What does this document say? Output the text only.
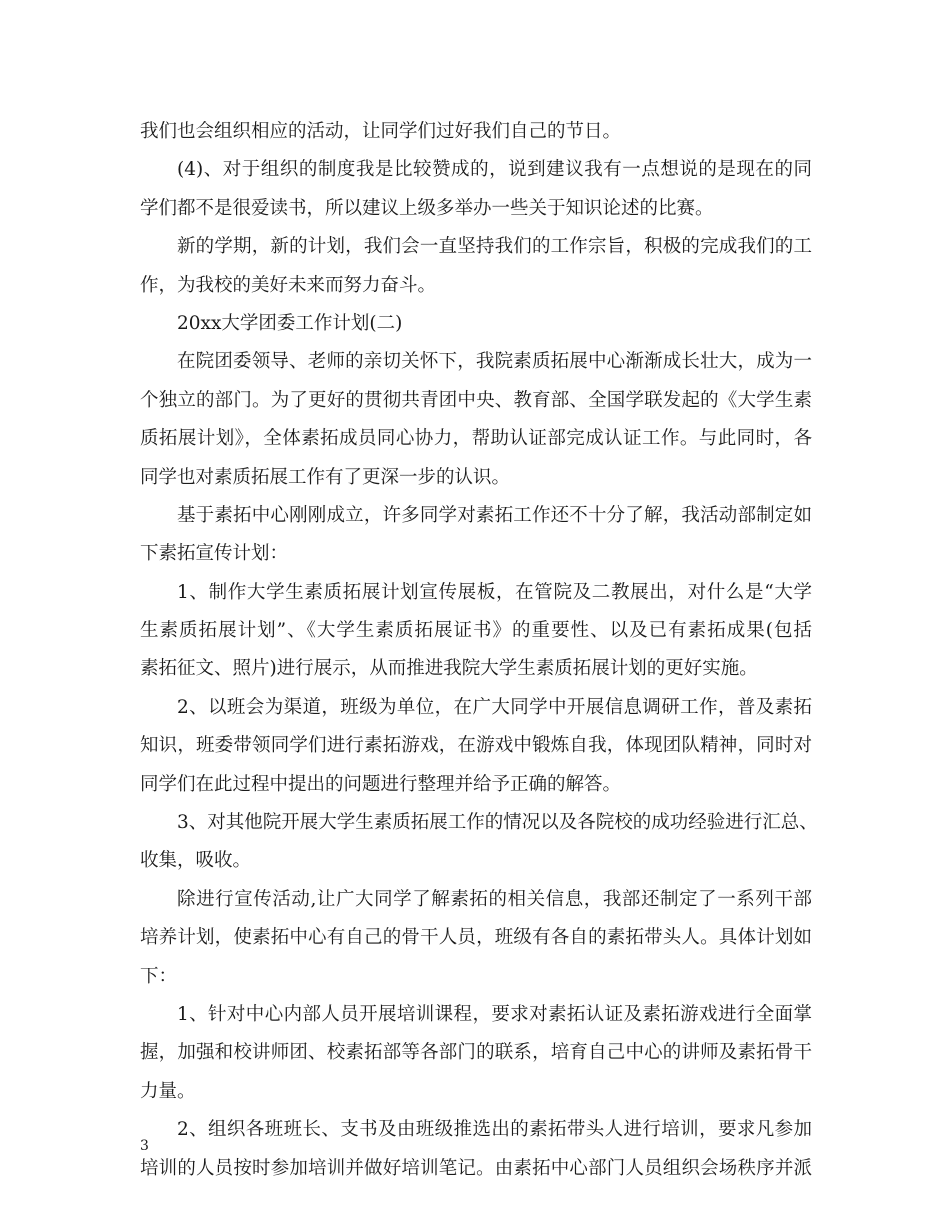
我们也会组织相应的活动，让同学们过好我们自己的节日。
(4)、对于组织的制度我是比较赞成的，说到建议我有一点想说的是现在的同
学们都不是很爱读书，所以建议上级多举办一些关于知识论述的比赛。
新的学期，新的计划，我们会一直坚持我们的工作宗旨，积极的完成我们的工
作，为我校的美好未来而努力奋斗。
20xx大学团委工作计划(二)
在院团委领导、老师的亲切关怀下，我院素质拓展中心渐渐成长壮大，成为一
个独立的部门。为了更好的贯彻共青团中央、教育部、全国学联发起的《大学生素
质拓展计划》，全体素拓成员同心协力，帮助认证部完成认证工作。与此同时，各
同学也对素质拓展工作有了更深一步的认识。
基于素拓中心刚刚成立，许多同学对素拓工作还不十分了解，我活动部制定如
下素拓宣传计划：
1、制作大学生素质拓展计划宣传展板，在管院及二教展出，对什么是“大学
生素质拓展计划”、《大学生素质拓展证书》的重要性、以及已有素拓成果(包括
素拓征文、照片)进行展示，从而推进我院大学生素质拓展计划的更好实施。
2、以班会为渠道，班级为单位，在广大同学中开展信息调研工作，普及素拓
知识，班委带领同学们进行素拓游戏，在游戏中锻炼自我，体现团队精神，同时对
同学们在此过程中提出的问题进行整理并给予正确的解答。
3、对其他院开展大学生素质拓展工作的情况以及各院校的成功经验进行汇总、
收集，吸收。
除进行宣传活动,让广大同学了解素拓的相关信息，我部还制定了一系列干部
培养计划，使素拓中心有自己的骨干人员，班级有各自的素拓带头人。具体计划如
下：
1、针对中心内部人员开展培训课程，要求对素拓认证及素拓游戏进行全面掌
握，加强和校讲师团、校素拓部等各部门的联系，培育自己中心的讲师及素拓骨干
力量。
2、组织各班班长、支书及由班级推选出的素拓带头人进行培训，要求凡参加
培训的人员按时参加培训并做好培训笔记。由素拓中心部门人员组织会场秩序并派
3
